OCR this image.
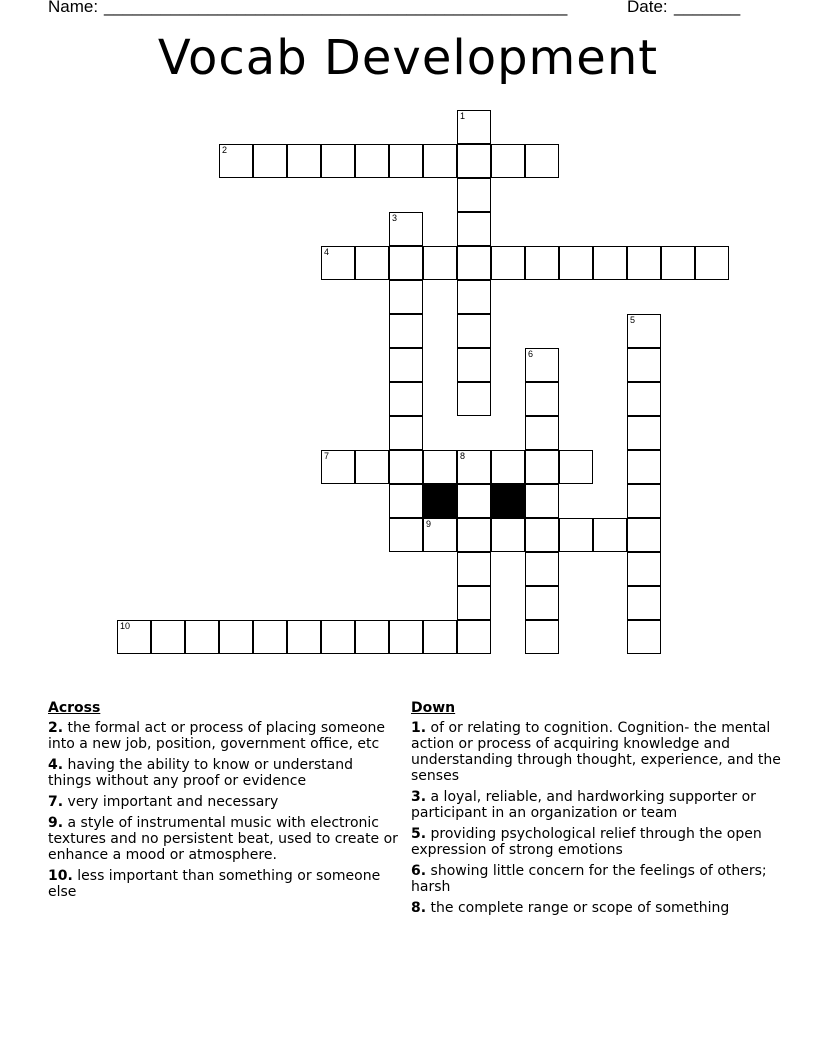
Name: _________________________________________________	Date: _______
Vocab Development
1
2
3
4
5
6
7	8
9
10
Across
2. the formal act or process of placing someone into a new job, position, government office, etc
4. having the ability to know or understand things without any proof or evidence
7. very important and necessary
9. a style of instrumental music with electronic textures and no persistent beat, used to create or enhance a mood or atmosphere.
10. less important than something or someone else
Down
1. of or relating to cognition. Cognition- the mental action or process of acquiring knowledge and understanding through thought, experience, and the senses
3. a loyal, reliable, and hardworking supporter or participant in an organization or team
5. providing psychological relief through the open expression of strong emotions
6. showing little concern for the feelings of others; harsh
8. the complete range or scope of something
